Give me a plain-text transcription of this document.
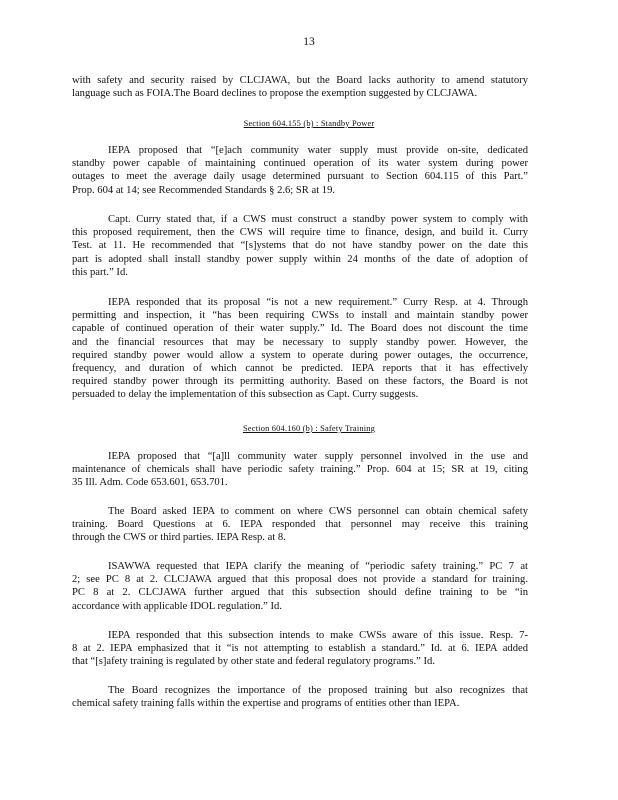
13
with safety and security raised by CLCJAWA, but the Board lacks authority to amend statutory
language such as FOIA.The Board declines to propose the exemption suggested by CLCJAWA.
Section 604.155 (b) : Standby Power
IEPA proposed that “[e]ach community water supply must provide on-site, dedicated
standby power capable of maintaining continued operation of its water system during power
outages to meet the average daily usage determined pursuant to Section 604.115 of this Part.”
Prop. 604 at 14; see Recommended Standards § 2.6; SR at 19.
Capt. Curry stated that, if a CWS must construct a standby power system to comply with
this proposed requirement, then the CWS will require time to finance, design, and build it. Curry
Test. at 11. He recommended that “[s]ystems that do not have standby power on the date this
part is adopted shall install standby power supply within 24 months of the date of adoption of
this part.” Id.
IEPA responded that its proposal “is not a new requirement.” Curry Resp. at 4. Through
permitting and inspection, it “has been requiring CWSs to install and maintain standby power
capable of continued operation of their water supply.” Id. The Board does not discount the time
and the financial resources that may be necessary to supply standby power. However, the
required standby power would allow a system to operate during power outages, the occurrence,
frequency, and duration of which cannot be predicted. IEPA reports that it has effectively
required standby power through its permitting authority. Based on these factors, the Board is not
persuaded to delay the implementation of this subsection as Capt. Curry suggests.
Section 604.160 (b) : Safety Training
IEPA proposed that “[a]ll community water supply personnel involved in the use and
maintenance of chemicals shall have periodic safety training.” Prop. 604 at 15; SR at 19, citing
35 Ill. Adm. Code 653.601, 653.701.
The Board asked IEPA to comment on where CWS personnel can obtain chemical safety
training. Board Questions at 6. IEPA responded that personnel may receive this training
through the CWS or third parties. IEPA Resp. at 8.
ISAWWA requested that IEPA clarify the meaning of “periodic safety training.” PC 7 at
2; see PC 8 at 2. CLCJAWA argued that this proposal does not provide a standard for training.
PC 8 at 2. CLCJAWA further argued that this subsection should define training to be “in
accordance with applicable IDOL regulation.” Id.
IEPA responded that this subsection intends to make CWSs aware of this issue. Resp. 7-
8 at 2. IEPA emphasized that it “is not attempting to establish a standard.” Id. at 6. IEPA added
that “[s]afety training is regulated by other state and federal regulatory programs.” Id.
The Board recognizes the importance of the proposed training but also recognizes that
chemical safety training falls within the expertise and programs of entities other than IEPA.
